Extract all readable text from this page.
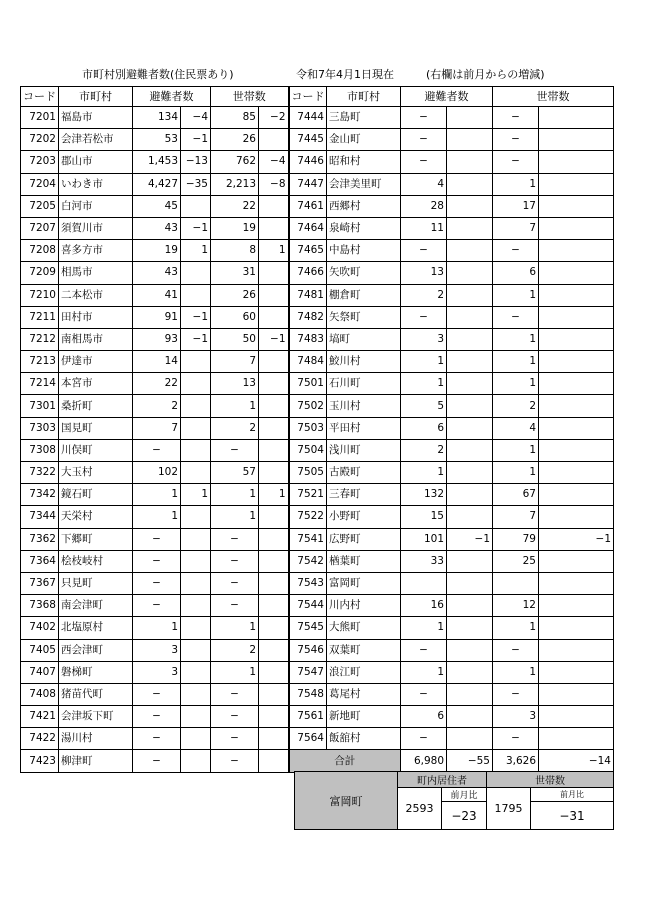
市町村別避難者数(住民票あり)	令和7年4月1日現在	(右欄は前月からの増減)
コード	市町村	避難者数		世帯数		コード	市町村	避難者数		世帯数	
7201	福島市	134	−4	85	−2	7444	三島町	−		−	
7202	会津若松市	53	−1	26		7445	金山町	−		−	
7203	郡山市	1,453	−13	762	−4	7446	昭和村	−		−	
7204	いわき市	4,427	−35	2,213	−8	7447	会津美里町	4		1	
7205	白河市	45		22		7461	西郷村	28		17	
7207	須賀川市	43	−1	19		7464	泉崎村	11		7	
7208	喜多方市	19	1	8	1	7465	中島村	−		−	
7209	相馬市	43		31		7466	矢吹町	13		6	
7210	二本松市	41		26		7481	棚倉町	2		1	
7211	田村市	91	−1	60		7482	矢祭町	−		−	
7212	南相馬市	93	−1	50	−1	7483	塙町	3		1	
7213	伊達市	14		7		7484	鮫川村	1		1	
7214	本宮市	22		13		7501	石川町	1		1	
7301	桑折町	2		1		7502	玉川村	5		2	
7303	国見町	7		2		7503	平田村	6		4	
7308	川俣町	−		−		7504	浅川町	2		1	
7322	大玉村	102		57		7505	古殿町	1		1	
7342	鏡石町	1	1	1	1	7521	三春町	132		67	
7344	天栄村	1		1		7522	小野町	15		7	
7362	下郷町	−		−		7541	広野町	101	−1	79	−1
7364	桧枝岐村	−		−		7542	楢葉町	33		25	
7367	只見町	−		−		7543	富岡町				
7368	南会津町	−		−		7544	川内村	16		12	
7402	北塩原村	1		1		7545	大熊町	1		1	
7405	西会津町	3		2		7546	双葉町	−		−	
7407	磐梯町	3		1		7547	浪江町	1		1	
7408	猪苗代町	−		−		7548	葛尾村	−		−	
7421	会津坂下町	−		−		7561	新地町	6		3	
7422	湯川村	−		−		7564	飯舘村	−		−	
7423	柳津町	−		−		合計		6,980	−55	3,626	−14
富岡町	町内居住者		世帯数	
	2593	前月比	1795	前月比
		−23		−31
